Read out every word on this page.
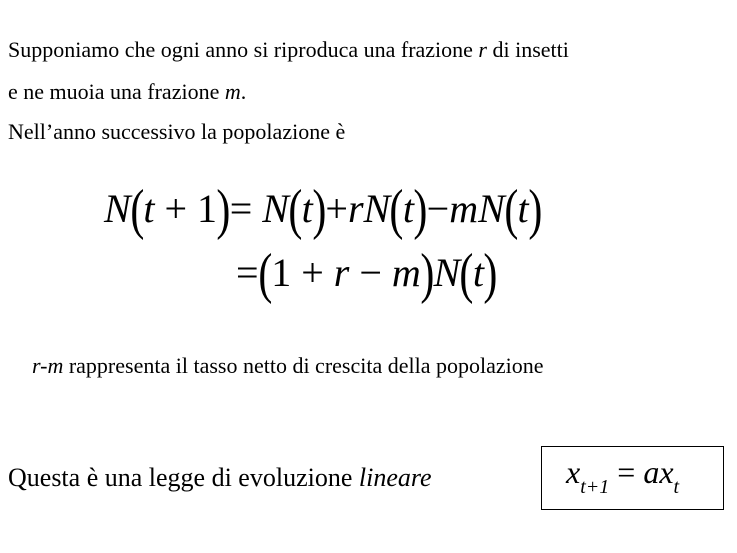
Supponiamo che ogni anno si riproduca una frazione r di insetti
e ne muoia una frazione m.
Nell’anno successivo la popolazione è
N(t + 1)= N(t)+rN(t)−mN(t)
=(1 + r − m)N(t)
r-m rappresenta il tasso netto di crescita della popolazione
Questa è una legge di evoluzione lineare	$x_{t+1} = ax_t$
